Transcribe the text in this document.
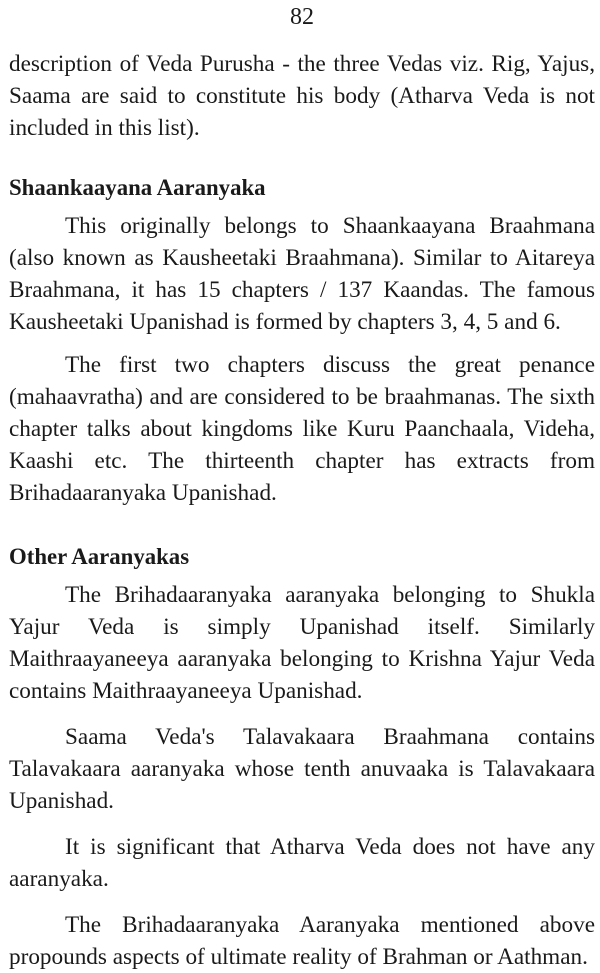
82

description of Veda Purusha - the three Vedas viz. Rig, Yajus, Saama are said to constitute his body (Atharva Veda is not included in this list).

Shaankaayana Aaranyaka

This originally belongs to Shaankaayana Braahmana (also known as Kausheetaki Braahmana). Similar to Aitareya Braahmana, it has 15 chapters / 137 Kaandas. The famous Kausheetaki Upanishad is formed by chapters 3, 4, 5 and 6.

The first two chapters discuss the great penance (mahaavratha) and are considered to be braahmanas. The sixth chapter talks about kingdoms like Kuru Paanchaala, Videha, Kaashi etc. The thirteenth chapter has extracts from Brihadaaranyaka Upanishad.

Other Aaranyakas

The Brihadaaranyaka aaranyaka belonging to Shukla Yajur Veda is simply Upanishad itself. Similarly Maithraayaneeya aaranyaka belonging to Krishna Yajur Veda contains Maithraayaneeya Upanishad.

Saama Veda's Talavakaara Braahmana contains Talavakaara aaranyaka whose tenth anuvaaka is Talavakaara Upanishad.

It is significant that Atharva Veda does not have any aaranyaka.

The Brihadaaranyaka Aaranyaka mentioned above propounds aspects of ultimate reality of Brahman or Aathman.
